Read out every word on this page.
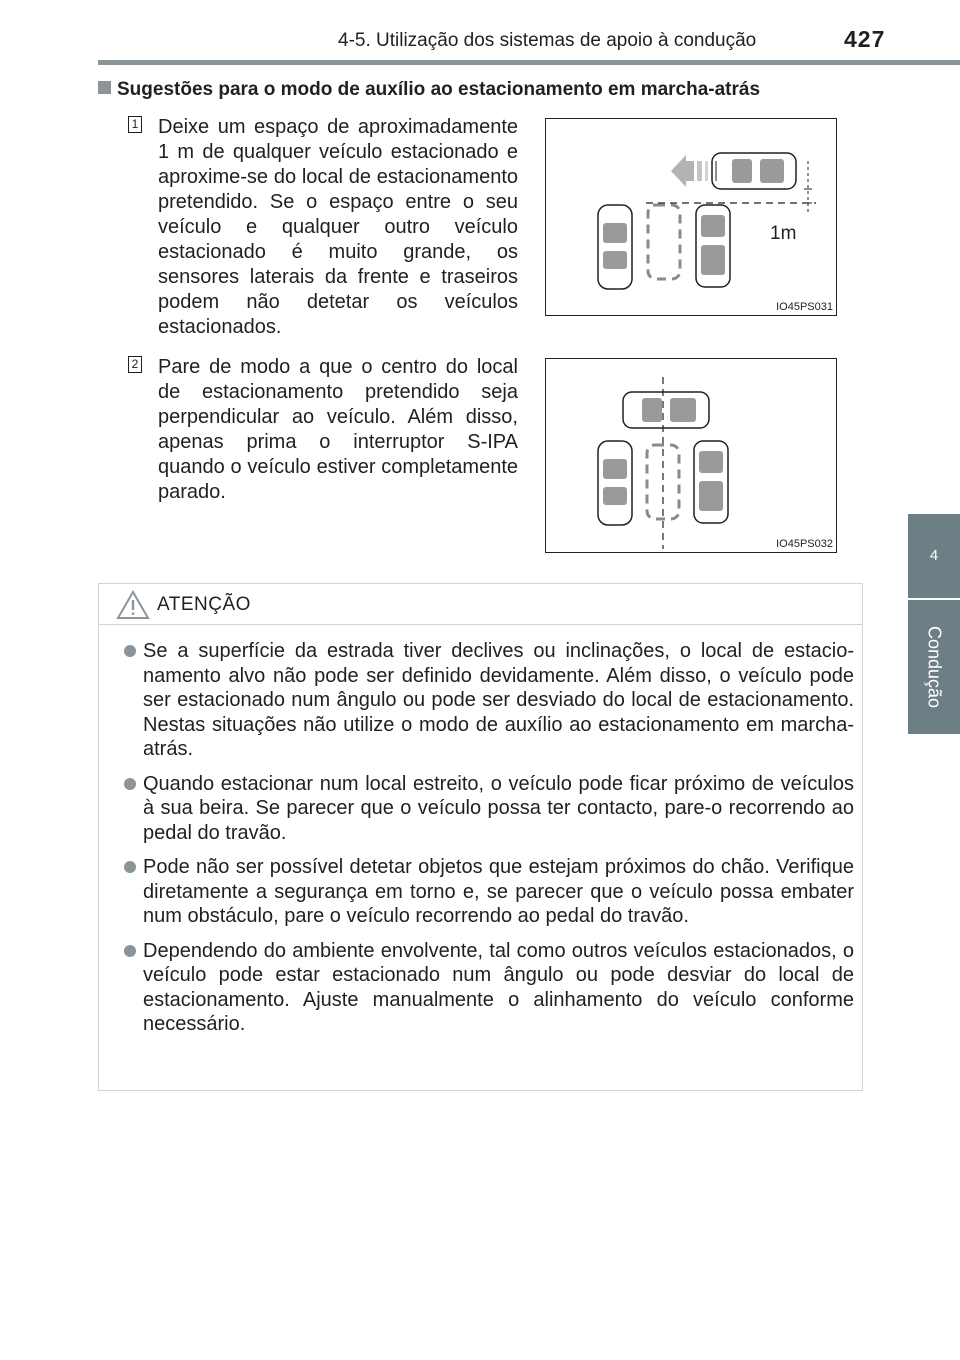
4-5. Utilização dos sistemas de apoio à condução	427
4
Condução
Sugestões para o modo de auxílio ao estacionamento em marcha-atrás
1 Deixe um espaço de aproximadamente 1 m de qualquer veículo estacionado e aproxime-se do local de estacionamento pretendido. Se o espaço entre o seu veículo e qualquer outro veículo estacionado é muito grande, os sensores laterais da frente e traseiros podem não detetar os veículos estacionados.
1m
IO45PS031
2 Pare de modo a que o centro do local de estacionamento pretendido seja perpendicular ao veículo. Além disso, apenas prima o interruptor S-IPA quando o veículo estiver completamente parado.
IO45PS032
ATENÇÃO
Se a superfície da estrada tiver declives ou inclinações, o local de estacionamento alvo não pode ser definido devidamente. Além disso, o veículo pode ser estacionado num ângulo ou pode ser desviado do local de estacionamento. Nestas situações não utilize o modo de auxílio ao estacionamento em marcha-atrás.
Quando estacionar num local estreito, o veículo pode ficar próximo de veículos à sua beira. Se parecer que o veículo possa ter contacto, pare-o recorrendo ao pedal do travão.
Pode não ser possível detetar objetos que estejam próximos do chão. Verifique diretamente a segurança em torno e, se parecer que o veículo possa embater num obstáculo, pare o veículo recorrendo ao pedal do travão.
Dependendo do ambiente envolvente, tal como outros veículos estacionados, o veículo pode estar estacionado num ângulo ou pode desviar do local de estacionamento. Ajuste manualmente o alinhamento do veículo conforme necessário.
